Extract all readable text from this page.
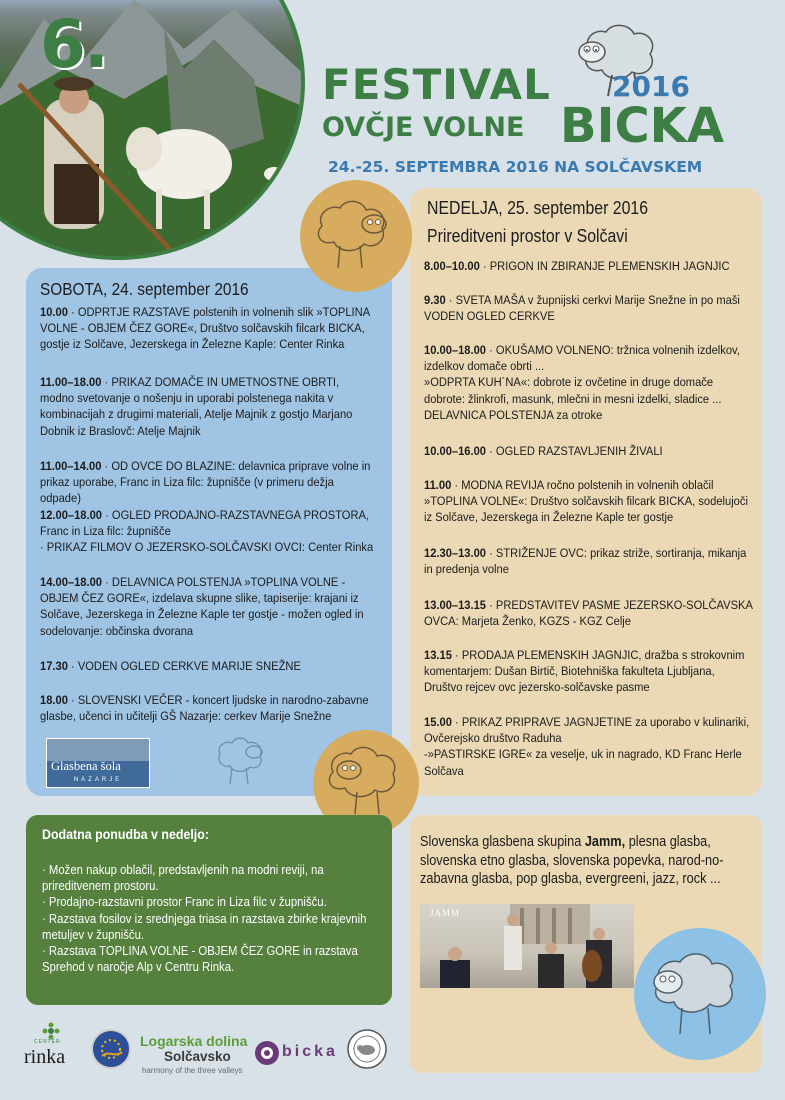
6.
FESTIVAL 2016
OVČJE VOLNE BICKA
24.-25. SEPTEMBRA 2016 NA SOLČAVSKEM
SOBOTA, 24. september 2016
10.00 · ODPRTJE RAZSTAVE polstenih in volnenih slik »TOPLINA VOLNE - OBJEM ČEZ GORE«, Društvo solčavskih filcark BICKA, gostje iz Solčave, Jezerskega in Železne Kaple: Center Rinka
11.00–18.00 · PRIKAZ DOMAČE IN UMETNOSTNE OBRTI, modno svetovanje o nošenju in uporabi polstenega nakita v kombinacijah z drugimi materiali, Atelje Majnik z gostjo Marjano Dobnik iz Braslovč: Atelje Majnik
11.00–14.00 · OD OVCE DO BLAZINE: delavnica priprave volne in prikaz uporabe, Franc in Liza filc: župnišče (v primeru dežja odpade)
12.00–18.00 · OGLED PRODAJNO-RAZSTAVNEGA PROSTORA, Franc in Liza filc: župnišče
· PRIKAZ FILMOV O JEZERSKO-SOLČAVSKI OVCI: Center Rinka
14.00–18.00 · DELAVNICA POLSTENJA »TOPLINA VOLNE - OBJEM ČEZ GORE«, izdelava skupne slike, tapiserije: krajani iz Solčave, Jezerskega in Železne Kaple ter gostje - možen ogled in sodelovanje: občinska dvorana
17.30 · VODEN OGLED CERKVE MARIJE SNEŽNE
18.00 · SLOVENSKI VEČER - koncert ljudske in narodno-zabavne glasbe, učenci in učitelji GŠ Nazarje: cerkev Marije Snežne
Glasbena šola
NAZARJE
NEDELJA, 25. september 2016
Prireditveni prostor v Solčavi
8.00–10.00 · PRIGON IN ZBIRANJE PLEMENSKIH JAGNJIC
9.30 · SVETA MAŠA v župnijski cerkvi Marije Snežne in po maši VODEN OGLED CERKVE
10.00–18.00 · OKUŠAMO VOLNENO: tržnica volnenih izdelkov, izdelkov domače obrti ...
»ODPRTA KUH´NA«: dobrote iz ovčetine in druge domače dobrote: žlinkrofi, masunk, mlečni in mesni izdelki, sladice ... DELAVNICA POLSTENJA za otroke
10.00–16.00 · OGLED RAZSTAVLJENIH ŽIVALI
11.00 · MODNA REVIJA ročno polstenih in volnenih oblačil »TOPLINA VOLNE«: Društvo solčavskih filcark BICKA, sodelujoči iz Solčave, Jezerskega in Železne Kaple ter gostje
12.30–13.00 · STRIŽENJE OVC: prikaz striže, sortiranja, mikanja in predenja volne
13.00–13.15 · PREDSTAVITEV PASME JEZERSKO-SOLČAVSKA OVCA: Marjeta Ženko, KGZS - KGZ Celje
13.15 · PRODAJA PLEMENSKIH JAGNJIC, dražba s strokovnim komentarjem: Dušan Birtič, Biotehniška fakulteta Ljubljana, Društvo rejcev ovc jezersko-solčavske pasme
15.00 · PRIKAZ PRIPRAVE JAGNJETINE za uporabo v kulinariki, Ovčerejsko društvo Raduha
-»PASTIRSKE IGRE« za veselje, uk in nagrado, KD Franc Herle Solčava
Dodatna ponudba v nedeljo:
· Možen nakup oblačil, predstavljenih na modni reviji, na prireditvenem prostoru.
· Prodajno-razstavni prostor Franc in Liza filc v župnišču.
· Razstava fosilov iz srednjega triasa in razstava zbirke krajevnih metuljev v župnišču.
· Razstava TOPLINA VOLNE - OBJEM ČEZ GORE in razstava Sprehod v naročje Alp v Centru Rinka.
Slovenska glasbena skupina Jamm, plesna glasba, slovenska etno glasba, slovenska popevka, narod-no-zabavna glasba, pop glasba, evergreeni, jazz, rock ...
JAMM
CENTER
rinka
Logarska dolina
Solčavsko
harmony of the three valleys
bicka
